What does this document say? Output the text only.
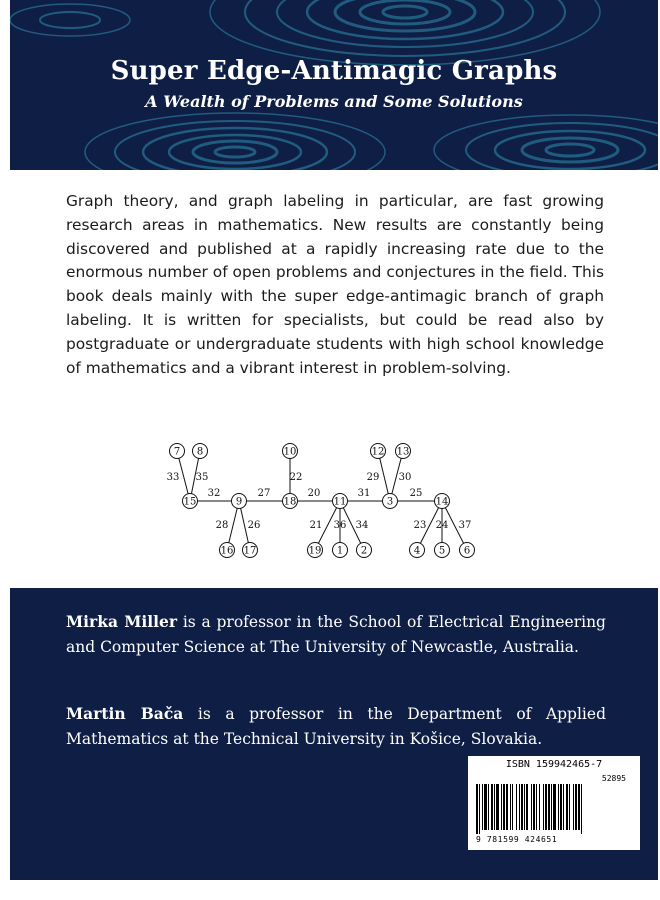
Super Edge-Antimagic Graphs
A Wealth of Problems and Some Solutions

Graph theory, and graph labeling in particular, are fast growing research areas in mathematics. New results are constantly being discovered and published at a rapidly increasing rate due to the enormous number of open problems and conjectures in the field. This book deals mainly with the super edge-antimagic branch of graph labeling. It is written for specialists, but could be read also by postgraduate or undergraduate students with high school knowledge of mathematics and a vibrant interest in problem-solving.

7 8
15	9
16 17
10
18	11
19 1 2
12 13
3	14
4 5 6
33 35
32	27
28 26
22
20	31
21 36 34
29 30
25
23 24 37

Mirka Miller is a professor in the School of Electrical Engineering and Computer Science at The University of Newcastle, Australia.

Martin Bača is a professor in the Department of Applied Mathematics at the Technical University in Košice, Slovakia.

ISBN 159942465-7
52895
9 781599 424651
